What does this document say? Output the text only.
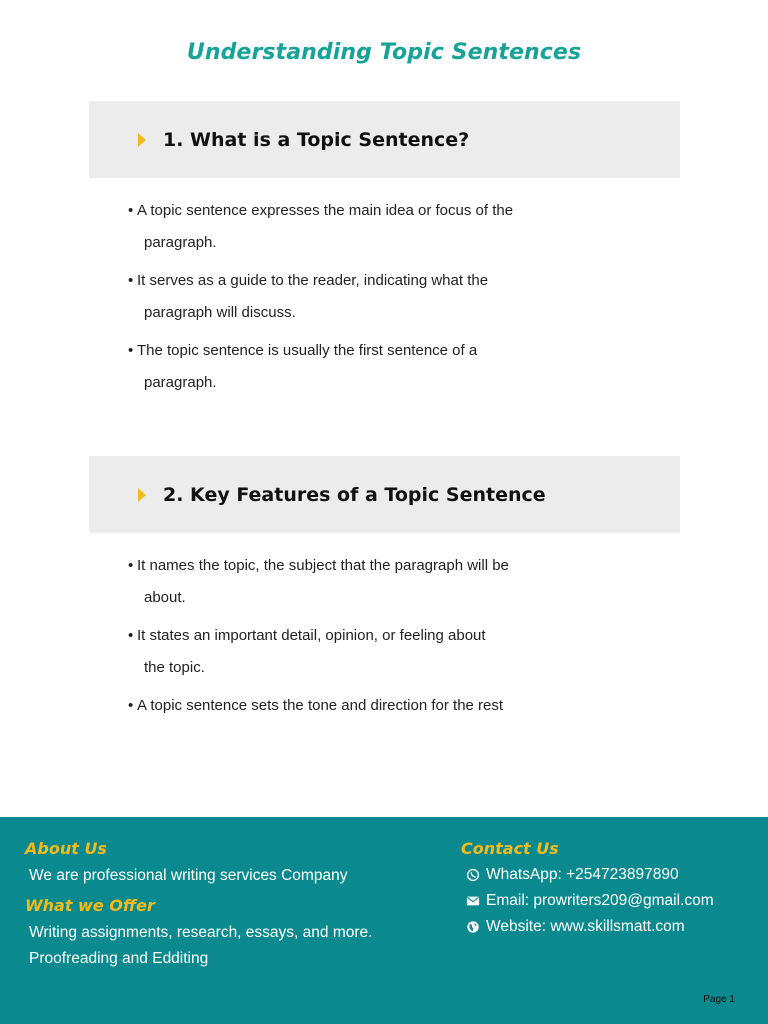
Understanding Topic Sentences
1. What is a Topic Sentence?
• A topic sentence expresses the main idea or focus of the
paragraph.
• It serves as a guide to the reader, indicating what the
paragraph will discuss.
• The topic sentence is usually the first sentence of a
paragraph.
2. Key Features of a Topic Sentence
• It names the topic, the subject that the paragraph will be
about.
• It states an important detail, opinion, or feeling about
the topic.
• A topic sentence sets the tone and direction for the rest
About Us
We are professional writing services Company
What we Offer
Writing assignments, research, essays, and more.
Proofreading and Edditing
Contact Us
WhatsApp: +254723897890
Email: prowriters209@gmail.com
Website: www.skillsmatt.com
Page 1
